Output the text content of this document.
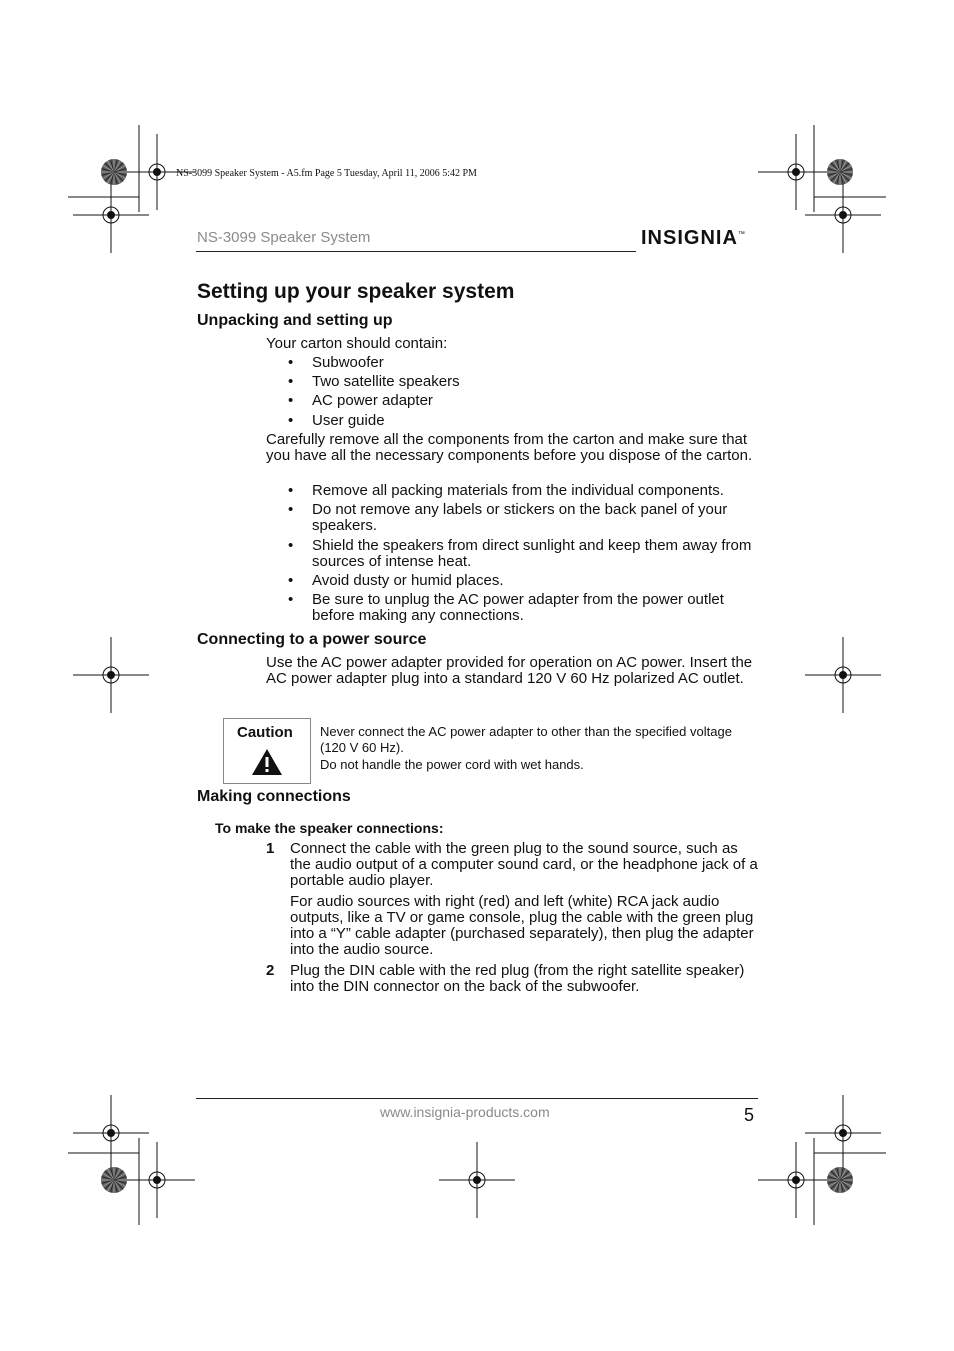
NS-3099 Speaker System - A5.fm Page 5 Tuesday, April 11, 2006 5:42 PM
NS-3099 Speaker System	INSIGNIA™
Setting up your speaker system
Unpacking and setting up
Your carton should contain:
• Subwoofer
• Two satellite speakers
• AC power adapter
• User guide
Carefully remove all the components from the carton and make sure that you have all the necessary components before you dispose of the carton.
• Remove all packing materials from the individual components.
• Do not remove any labels or stickers on the back panel of your speakers.
• Shield the speakers from direct sunlight and keep them away from sources of intense heat.
• Avoid dusty or humid places.
• Be sure to unplug the AC power adapter from the power outlet before making any connections.
Connecting to a power source
Use the AC power adapter provided for operation on AC power. Insert the AC power adapter plug into a standard 120 V 60 Hz polarized AC outlet.
Caution Never connect the AC power adapter to other than the specified voltage (120 V 60 Hz).
Do not handle the power cord with wet hands.
Making connections
To make the speaker connections:
1 Connect the cable with the green plug to the sound source, such as the audio output of a computer sound card, or the headphone jack of a portable audio player.
For audio sources with right (red) and left (white) RCA jack audio outputs, like a TV or game console, plug the cable with the green plug into a “Y” cable adapter (purchased separately), then plug the adapter into the audio source.
2 Plug the DIN cable with the red plug (from the right satellite speaker) into the DIN connector on the back of the subwoofer.
www.insignia-products.com	5
